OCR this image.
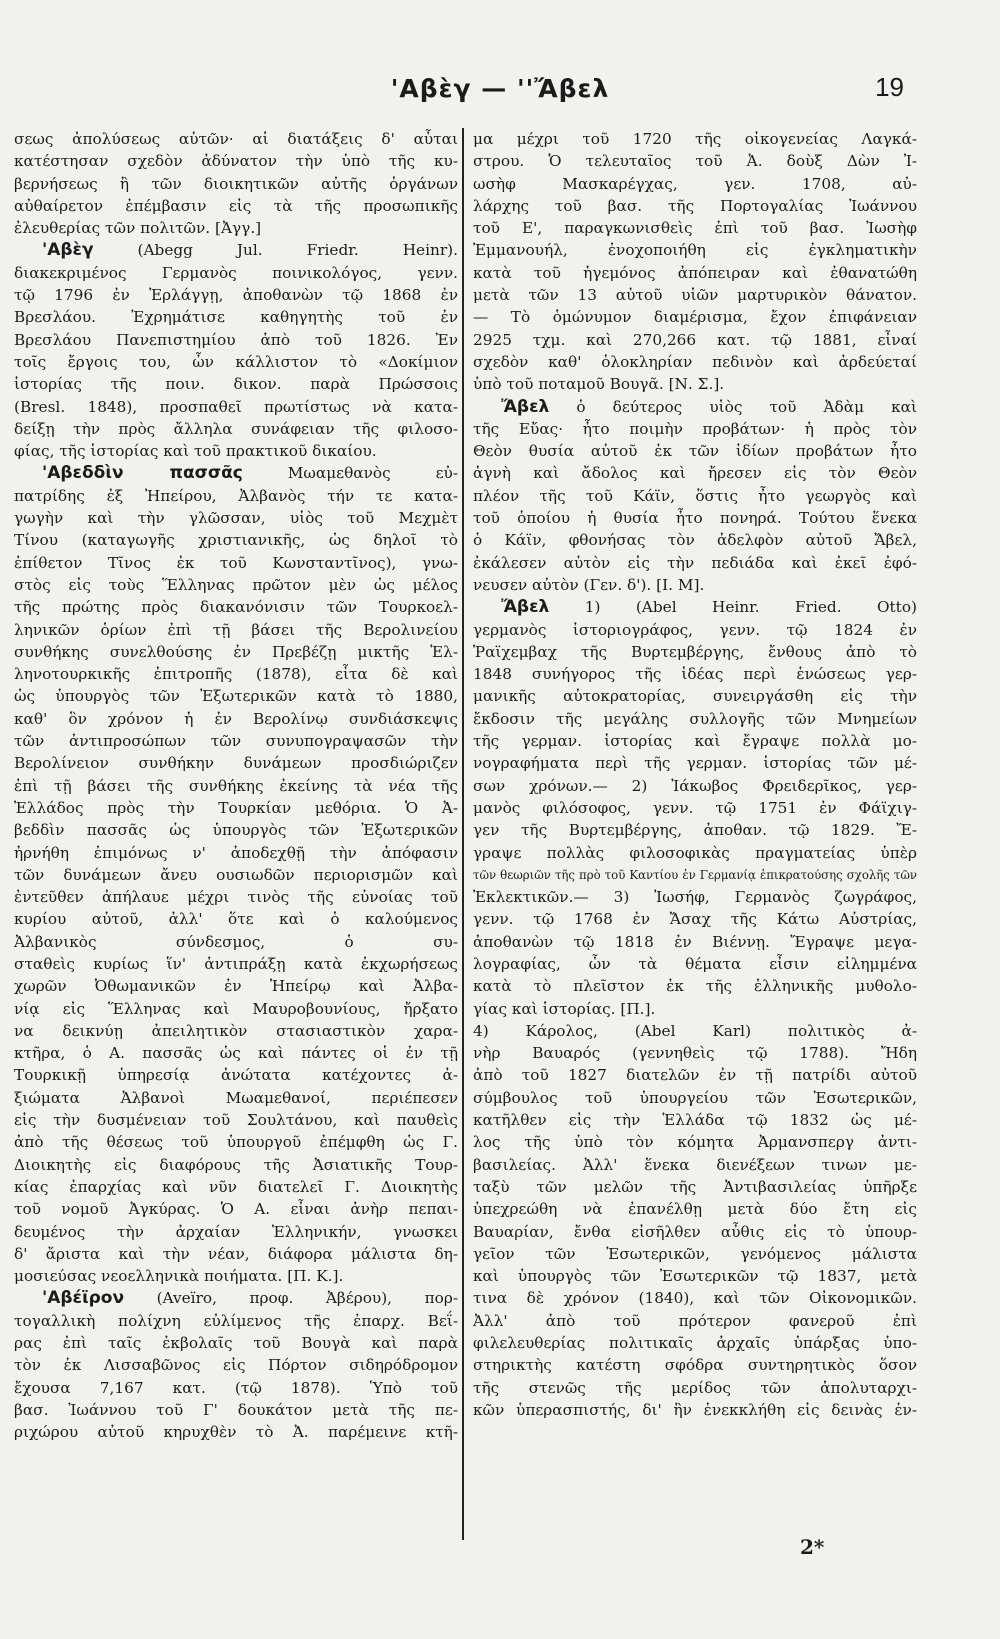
'Αβὲγ — ''Ἄβελ	19

σεως ἀπολύσεως αὐτῶν· αἱ διατάξεις δ' αὗται

κατέστησαν σχεδὸν ἀδύνατον τὴν ὑπὸ τῆς κυ-

βερνήσεως ἢ τῶν διοικητικῶν αὐτῆς ὀργάνων

αὐθαίρετον ἐπέμβασιν εἰς τὰ τῆς προσωπικῆς

ἐλευθερίας τῶν πολιτῶν. [Ἀγγ.]

'Αβὲγ (Abegg Jul. Friedr. Heinr).

διακεκριμένος Γερμανὸς ποινικολόγος, γενν.

τῷ 1796 ἐν Ἐρλάγγῃ, ἀποθανὼν τῷ 1868 ἐν

Βρεσλάου. Ἐχρημάτισε καθηγητὴς τοῦ ἐν

Βρεσλάου Πανεπιστημίου ἀπὸ τοῦ 1826. Ἐν

τοῖς ἔργοις του, ὧν κάλλιστον τὸ «Δοκίμιον

ἱστορίας τῆς ποιν. δικον. παρὰ Πρώσσοις

(Bresl. 1848), προσπαθεῖ πρωτίστως νὰ κατα-

δείξῃ τὴν πρὸς ἄλληλα συνάφειαν τῆς φιλοσο-

φίας, τῆς ἱστορίας καὶ τοῦ πρακτικοῦ δικαίου.

'Αβεδδὶν πασσᾶς Μωαμεθανὸς εὐ-

πατρίδης ἐξ Ἠπείρου, Ἀλβανὸς τήν τε κατα-

γωγὴν καὶ τὴν γλῶσσαν, υἱὸς τοῦ Μεχμὲτ

Τίνου (καταγωγῆς χριστιανικῆς, ὡς δηλοῖ τὸ

ἐπίθετον Τῖνος ἐκ τοῦ Κωνσταντῖνος), γνω-

στὸς εἰς τοὺς Ἕλληνας πρῶτον μὲν ὡς μέλος

τῆς πρώτης πρὸς διακανόνισιν τῶν Τουρκοελ-

ληνικῶν ὁρίων ἐπὶ τῇ βάσει τῆς Βερολινείου

συνθήκης συνελθούσης ἐν Πρεβέζῃ μικτῆς Ἑλ-

ληνοτουρκικῆς ἐπιτροπῆς (1878), εἶτα δὲ καὶ

ὡς ὑπουργὸς τῶν Ἐξωτερικῶν κατὰ τὸ 1880,

καθ' ὃν χρόνον ἡ ἐν Βερολίνῳ συνδιάσκεψις

τῶν ἀντιπροσώπων τῶν συνυπογραψασῶν τὴν

Βερολίνειον συνθήκην δυνάμεων προσδιώριζεν

ἐπὶ τῇ βάσει τῆς συνθήκης ἐκείνης τὰ νέα τῆς

Ἑλλάδος πρὸς τὴν Τουρκίαν μεθόρια. Ὁ Ἀ-

βεδδὶν πασσᾶς ὡς ὑπουργὸς τῶν Ἐξωτερικῶν

ἠρνήθη ἐπιμόνως ν' ἀποδεχθῇ τὴν ἀπόφασιν

τῶν δυνάμεων ἄνευ ουσιωδῶν περιορισμῶν καὶ

ἐντεῦθεν ἀπήλαυε μέχρι τινὸς τῆς εὐνοίας τοῦ

κυρίου αὐτοῦ, ἀλλ' ὅτε καὶ ὁ καλούμενος

Ἀλβανικὸς σύνδεσμος, ὁ συ-

σταθεὶς κυρίως ἵν' ἀντιπράξῃ κατὰ ἐκχωρήσεως

χωρῶν Ὀθωμανικῶν ἐν Ἠπείρῳ καὶ Ἀλβα-

νίᾳ εἰς Ἕλληνας καὶ Μαυροβουνίους, ἤρξατο

να δεικνύῃ ἀπειλητικὸν στασιαστικὸν χαρα-

κτῆρα, ὁ Α. πασσᾶς ὡς καὶ πάντες οἱ ἐν τῇ

Τουρκικῇ ὑπηρεσίᾳ ἀνώτατα κατέχοντες ἀ-

ξιώματα Ἀλβανοὶ Μωαμεθανοί, περιέπεσεν

εἰς τὴν δυσμένειαν τοῦ Σουλτάνου, καὶ παυθεὶς

ἀπὸ τῆς θέσεως τοῦ ὑπουργοῦ ἐπέμφθη ὡς Γ.

Διοικητὴς εἰς διαφόρους τῆς Ἀσιατικῆς Τουρ-

κίας ἐπαρχίας καὶ νῦν διατελεῖ Γ. Διοικητὴς

τοῦ νομοῦ Ἀγκύρας. Ὁ Α. εἶναι ἀνὴρ πεπαι-

δευμένος τὴν ἀρχαίαν Ἑλληνικήν, γνωσκει

δ' ἄριστα καὶ τὴν νέαν, διάφορα μάλιστα δη-

μοσιεύσας νεοελληνικὰ ποιήματα. [Π. Κ.].

'Αβέϊρον (Aveïro, προφ. Ἀβέρου), πορ-

τογαλλικὴ πολίχνη εὐλίμενος τῆς ἐπαρχ. Βεΐ-

ρας ἐπὶ ταῖς ἐκβολαῖς τοῦ Βουγὰ καὶ παρὰ

τὸν ἐκ Λισσαβῶνος εἰς Πόρτον σιδηρόδρομον

ἔχουσα 7,167 κατ. (τῷ 1878). Ὑπὸ τοῦ

βασ. Ἰωάννου τοῦ Γ' δουκάτον μετὰ τῆς πε-

ριχώρου αὐτοῦ κηρυχθὲν τὸ Ἀ. παρέμεινε κτῆ-

μα μέχρι τοῦ 1720 τῆς οἰκογενείας Λαγκά-

στρου. Ὁ τελευταῖος τοῦ Ἀ. δοὺξ Δὼν Ἰ-

ωσὴφ Μασκαρέγχας, γεν. 1708, αὐ-

λάρχης τοῦ βασ. τῆς Πορτογαλίας Ἰωάννου

τοῦ Ε', παραγκωνισθεὶς ἐπὶ τοῦ βασ. Ἰωσὴφ

Ἐμμανουήλ, ἐνοχοποιήθη εἰς ἐγκληματικὴν

κατὰ τοῦ ἡγεμόνος ἀπόπειραν καὶ ἐθανατώθη

μετὰ τῶν 13 αὐτοῦ υἱῶν μαρτυρικὸν θάνατον.

— Τὸ ὁμώνυμον διαμέρισμα, ἔχον ἐπιφάνειαν

2925 τχμ. καὶ 270,266 κατ. τῷ 1881, εἶναί

σχεδὸν καθ' ὁλοκληρίαν πεδινὸν καὶ ἀρδεύεταί

ὑπὸ τοῦ ποταμοῦ Βουγᾶ. [Ν. Σ.].

Ἄβελ ὁ δεύτερος υἱὸς τοῦ Ἀδὰμ καὶ

τῆς Εὔας· ἦτο ποιμὴν προβάτων· ἡ πρὸς τὸν

Θεὸν θυσία αὐτοῦ ἐκ τῶν ἰδίων προβάτων ἦτο

ἁγνὴ καὶ ἄδολος καὶ ἤρεσεν εἰς τὸν Θεὸν

πλέον τῆς τοῦ Κάϊν, ὅστις ἦτο γεωργὸς καὶ

τοῦ ὁποίου ἡ θυσία ἦτο πονηρά. Τούτου ἕνεκα

ὁ Κάϊν, φθονήσας τὸν ἀδελφὸν αὐτοῦ Ἄβελ,

ἐκάλεσεν αὐτὸν εἰς τὴν πεδιάδα καὶ ἐκεῖ ἐφό-

νευσεν αὐτὸν (Γεν. δ'). [Ι. Μ].

Ἄβελ 1) (Abel Heinr. Fried. Otto)

γερμανὸς ἱστοριογράφος, γενν. τῷ 1824 ἐν

Ῥαϊχεμβαχ τῆς Βυρτεμβέργης, ἔνθους ἀπὸ τὸ

1848 συνήγορος τῆς ἰδέας περὶ ἑνώσεως γερ-

μανικῆς αὐτοκρατορίας, συνειργάσθη εἰς τὴν

ἔκδοσιν τῆς μεγάλης συλλογῆς τῶν Μνημείων

τῆς γερμαν. ἱστορίας καὶ ἔγραψε πολλὰ μο-

νογραφήματα περὶ τῆς γερμαν. ἱστορίας τῶν μέ-

σων χρόνων.— 2) Ἰάκωβος Φρειδερῖκος, γερ-

μανὸς φιλόσοφος, γενν. τῷ 1751 ἐν Φάϊχιγ-

γεν τῆς Βυρτεμβέργης, ἀποθαν. τῷ 1829. Ἔ-

γραψε πολλὰς φιλοσοφικὰς πραγματείας ὑπὲρ

τῶν θεωριῶν τῆς πρὸ τοῦ Καντίου ἐν Γερμανίᾳ ἐπικρατούσης σχολῆς τῶν

Ἐκλεκτικῶν.— 3) Ἰωσήφ, Γερμανὸς ζωγράφος,

γενν. τῷ 1768 ἐν Ἄσαχ τῆς Κάτω Αὐστρίας,

ἀποθανὼν τῷ 1818 ἐν Βιέννῃ. Ἔγραψε μεγα-

λογραφίας, ὧν τὰ θέματα εἶσιν εἰλημμένα

κατὰ τὸ πλεῖστον ἐκ τῆς ἑλληνικῆς μυθολο-

γίας καὶ ἱστορίας. [Π.].

4) Κάρολος, (Abel Karl) πολιτικὸς ἀ-

νὴρ Βαυαρός (γεννηθεὶς τῷ 1788). Ἤδη

ἀπὸ τοῦ 1827 διατελῶν ἐν τῇ πατρίδι αὐτοῦ

σύμβουλος τοῦ ὑπουργείου τῶν Ἐσωτερικῶν,

κατῆλθεν εἰς τὴν Ἑλλάδα τῷ 1832 ὡς μέ-

λος τῆς ὑπὸ τὸν κόμητα Ἀρμανσπεργ ἀντι-

βασιλείας. Ἀλλ' ἕνεκα διενέξεων τινων με-

ταξὺ τῶν μελῶν τῆς Ἀντιβασιλείας ὑπῆρξε

ὑπεχρεώθη νὰ ἐπανέλθῃ μετὰ δύο ἔτη εἰς

Βαυαρίαν, ἔνθα εἰσῆλθεν αὖθις εἰς τὸ ὑπουρ-

γεῖον τῶν Ἐσωτερικῶν, γενόμενος μάλιστα

καὶ ὑπουργὸς τῶν Ἐσωτερικῶν τῷ 1837, μετὰ

τινα δὲ χρόνον (1840), καὶ τῶν Οἰκονομικῶν.

Ἀλλ' ἀπὸ τοῦ πρότερον φανεροῦ ἐπὶ

φιλελευθερίας πολιτικαῖς ἀρχαῖς ὑπάρξας ὑπο-

στηρικτὴς κατέστη σφόδρα συντηρητικὸς ὅσον

τῆς στενῶς τῆς μερίδος τῶν ἀπολυταρχι-

κῶν ὑπερασπιστής, δι' ἣν ἐνεκκλήθη εἰς δεινὰς ἐν-

2*
